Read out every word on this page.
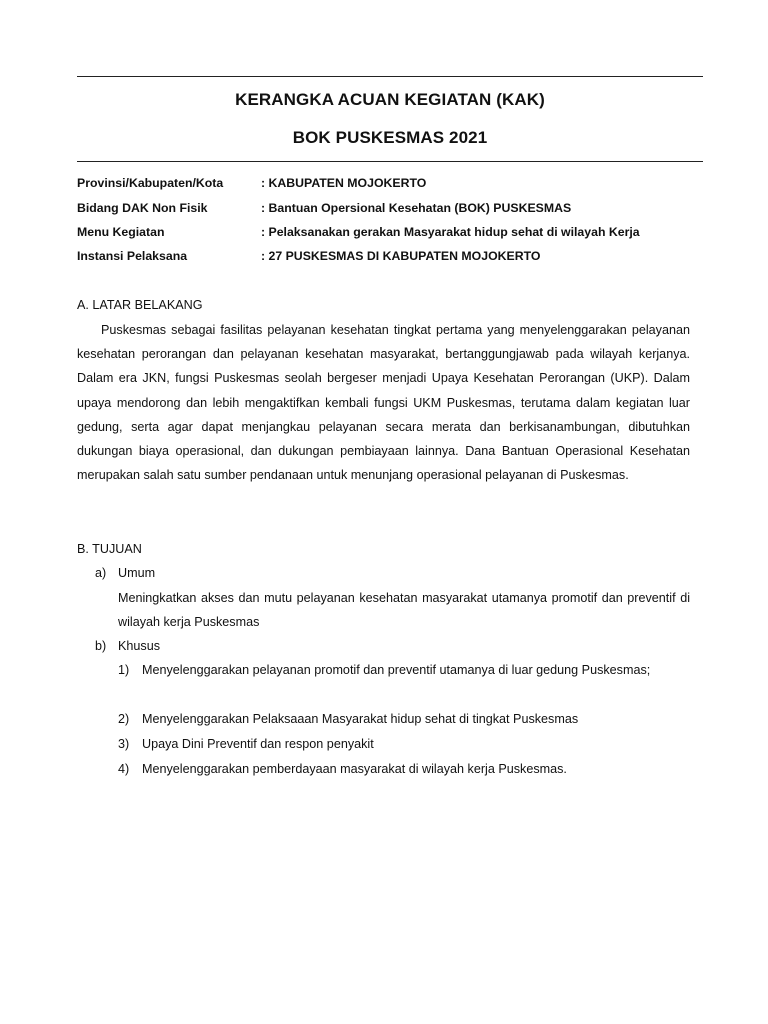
KERANGKA ACUAN KEGIATAN (KAK)
BOK PUSKESMAS 2021
Provinsi/Kabupaten/Kota	: KABUPATEN MOJOKERTO
Bidang DAK Non Fisik	: Bantuan Opersional Kesehatan (BOK) PUSKESMAS
Menu Kegiatan	: Pelaksanakan gerakan Masyarakat hidup sehat di wilayah Kerja
Instansi Pelaksana	: 27 PUSKESMAS DI KABUPATEN MOJOKERTO
A. LATAR BELAKANG

Puskesmas sebagai fasilitas pelayanan kesehatan tingkat pertama yang menyelenggarakan pelayanan kesehatan perorangan dan pelayanan kesehatan masyarakat, bertanggungjawab pada wilayah kerjanya. Dalam era JKN, fungsi Puskesmas seolah bergeser menjadi Upaya Kesehatan Perorangan (UKP). Dalam upaya mendorong dan lebih mengaktifkan kembali fungsi UKM Puskesmas, terutama dalam kegiatan luar gedung, serta agar dapat menjangkau pelayanan secara merata dan berkisanambungan, dibutuhkan dukungan biaya operasional, dan dukungan pembiayaan lainnya. Dana Bantuan Operasional Kesehatan merupakan salah satu sumber pendanaan untuk menunjang operasional pelayanan di Puskesmas.

B. TUJUAN
a) Umum

Meningkatkan akses dan mutu pelayanan kesehatan masyarakat utamanya promotif dan preventif di wilayah kerja Puskesmas

b) Khusus
1) Menyelenggarakan pelayanan promotif dan preventif utamanya di luar gedung Puskesmas;

2) Menyelenggarakan Pelaksaaan Masyarakat hidup sehat di tingkat Puskesmas
3) Upaya Dini Preventif dan respon penyakit
4) Menyelenggarakan pemberdayaan masyarakat di wilayah kerja Puskesmas.
